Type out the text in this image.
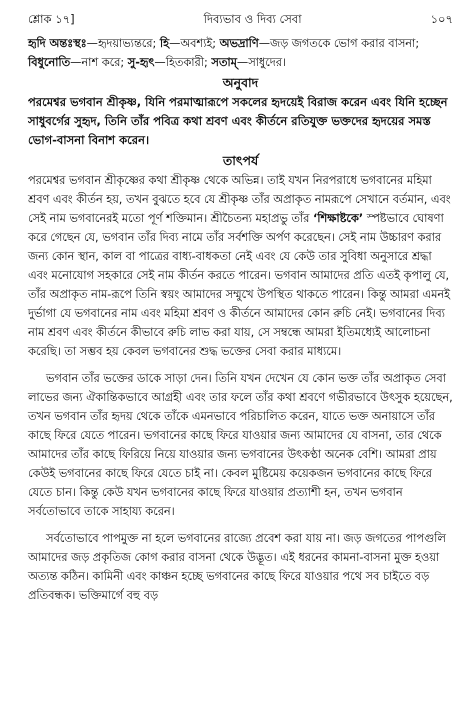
শ্লোক ১৭]	দিব্যভাব ও দিব্য সেবা	১০৭
হৃদি অন্তঃস্থঃ—হৃদয়াভ্যন্তরে; হি—অবশ্যই; অভদ্রাণি—জড় জগতকে ভোগ করার বাসনা; বিধুনোতি—নাশ করে; সু-হৃৎ—হিতকারী; সতাম্‌—সাধুদের।
অনুবাদ
পরমেশ্বর ভগবান শ্রীকৃষ্ণ, যিনি পরমাত্মারূপে সকলের হৃদয়েই বিরাজ করেন এবং যিনি হচ্ছেন সাধুবর্গের সুহৃদ, তিনি তাঁর পবিত্র কথা শ্রবণ এবং কীর্তনে রতিযুক্ত ভক্তদের হৃদয়ের সমস্ত ভোগ-বাসনা বিনাশ করেন।
তাৎপর্য

পরমেশ্বর ভগবান শ্রীকৃষ্ণের কথা শ্রীকৃষ্ণ থেকে অভিন্ন। তাই যখন নিরপরাধে ভগবানের মহিমা শ্রবণ এবং কীর্তন হয়, তখন বুঝতে হবে যে শ্রীকৃষ্ণ তাঁর অপ্রাকৃত নামরূপে সেখানে বর্তমান, এবং সেই নাম ভগবানেরই মতো পূর্ণ শক্তিমান। শ্রীচৈতন্য মহাপ্রভু তাঁর ‘শিক্ষাষ্টকে’ স্পষ্টভাবে ঘোষণা করে গেছেন যে, ভগবান তাঁর দিব্য নামে তাঁর সর্বশক্তি অর্পণ করেছেন। সেই নাম উচ্চারণ করার জন্য কোন স্থান, কাল বা পাত্রের বাধ্য-বাধকতা নেই এবং যে কেউ তার সুবিধা অনুসারে শ্রদ্ধা এবং মনোযোগ সহকারে সেই নাম কীর্তন করতে পারেন। ভগবান আমাদের প্রতি এতই কৃপালু যে, তাঁর অপ্রাকৃত নাম-রূপে তিনি স্বয়ং আমাদের সম্মুখে উপস্থিত থাকতে পারেন। কিন্তু আমরা এমনই দুর্ভাগা যে ভগবানের নাম এবং মহিমা শ্রবণ ও কীর্তনে আমাদের কোন রুচি নেই। ভগবানের দিব্য নাম শ্রবণ এবং কীর্তনে কীভাবে রুচি লাভ করা যায়, সে সম্বন্ধে আমরা ইতিমধ্যেই আলোচনা করেছি। তা সম্ভব হয় কেবল ভগবানের শুদ্ধ ভক্তের সেবা করার মাধ্যমে।

ভগবান তাঁর ভক্তের ডাকে সাড়া দেন। তিনি যখন দেখেন যে কোন ভক্ত তাঁর অপ্রাকৃত সেবা লাভের জন্য ঐকান্তিকভাবে আগ্রহী এবং তার ফলে তাঁর কথা শ্রবণে গভীরভাবে উৎসুক হয়েছেন, তখন ভগবান তাঁর হৃদয় থেকে তাঁকে এমনভাবে পরিচালিত করেন, যাতে ভক্ত অনায়াসে তাঁর কাছে ফিরে যেতে পারেন। ভগবানের কাছে ফিরে যাওয়ার জন্য আমাদের যে বাসনা, তার থেকে আমাদের তাঁর কাছে ফিরিয়ে নিয়ে যাওয়ার জন্য ভগবানের উৎকণ্ঠা অনেক বেশি। আমরা প্রায় কেউই ভগবানের কাছে ফিরে যেতে চাই না। কেবল মুষ্টিমেয় কয়েকজন ভগবানের কাছে ফিরে যেতে চান। কিন্তু কেউ যখন ভগবানের কাছে ফিরে যাওয়ার প্রত্যাশী হন, তখন ভগবান সর্বতোভাবে তাকে সাহায্য করেন।

সর্বতোভাবে পাপমুক্ত না হলে ভগবানের রাজ্যে প্রবেশ করা যায় না। জড় জগতের পাপগুলি আমাদের জড় প্রকৃতিজ কোগ করার বাসনা থেকে উদ্ভূত। এই ধরনের কামনা-বাসনা মুক্ত হওয়া অত্যন্ত কঠিন। কামিনী এবং কাঞ্চন হচ্ছে ভগবানের কাছে ফিরে যাওয়ার পথে সব চাইতে বড় প্রতিবন্ধক। ভক্তিমার্গে বহু বড়
